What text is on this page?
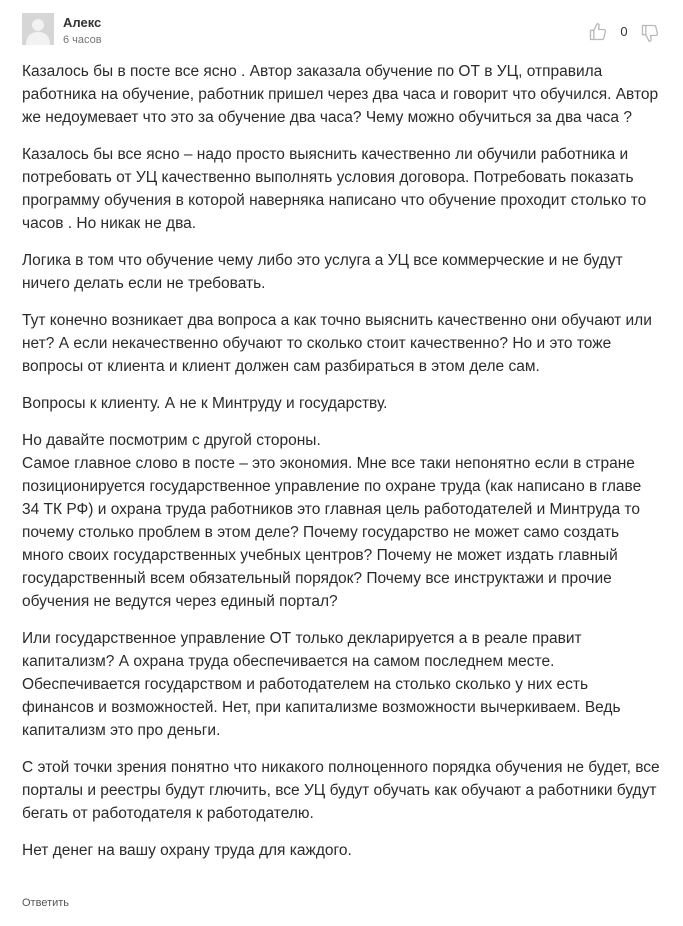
Алекс
6 часов
0

Казалось бы в посте все ясно . Автор заказала обучение по ОТ в УЦ, отправила работника на обучение, работник пришел через два часа и говорит что обучился. Автор же недоумевает что это за обучение два часа? Чему можно обучиться за два часа ?

Казалось бы все ясно – надо просто выяснить качественно ли обучили работника и потребовать от УЦ качественно выполнять условия договора. Потребовать показать программу обучения в которой наверняка написано что обучение проходит столько то часов . Но никак не два.

Логика в том что обучение чему либо это услуга а УЦ все коммерческие и не будут ничего делать если не требовать.

Тут конечно возникает два вопроса а как точно выяснить качественно они обучают или нет? А если некачественно обучают то сколько стоит качественно? Но и это тоже вопросы от клиента и клиент должен сам разбираться в этом деле сам.

Вопросы к клиенту. А не к Минтруду и государству.

Но давайте посмотрим с другой стороны.
Самое главное слово в посте – это экономия. Мне все таки непонятно если в стране позиционируется государственное управление по охране труда (как написано в главе 34 ТК РФ) и охрана труда работников это главная цель работодателей и Минтруда то почему столько проблем в этом деле? Почему государство не может само создать много своих государственных учебных центров? Почему не может издать главный государственный всем обязательный порядок? Почему все инструктажи и прочие обучения не ведутся через единый портал?

Или государственное управление ОТ только декларируется а в реале правит капитализм? А охрана труда обеспечивается на самом последнем месте. Обеспечивается государством и работодателем на столько сколько у них есть финансов и возможностей. Нет, при капитализме возможности вычеркиваем. Ведь капитализм это про деньги.

С этой точки зрения понятно что никакого полноценного порядка обучения не будет, все порталы и реестры будут глючить, все УЦ будут обучать как обучают а работники будут бегать от работодателя к работодателю.

Нет денег на вашу охрану труда для каждого.

Ответить
